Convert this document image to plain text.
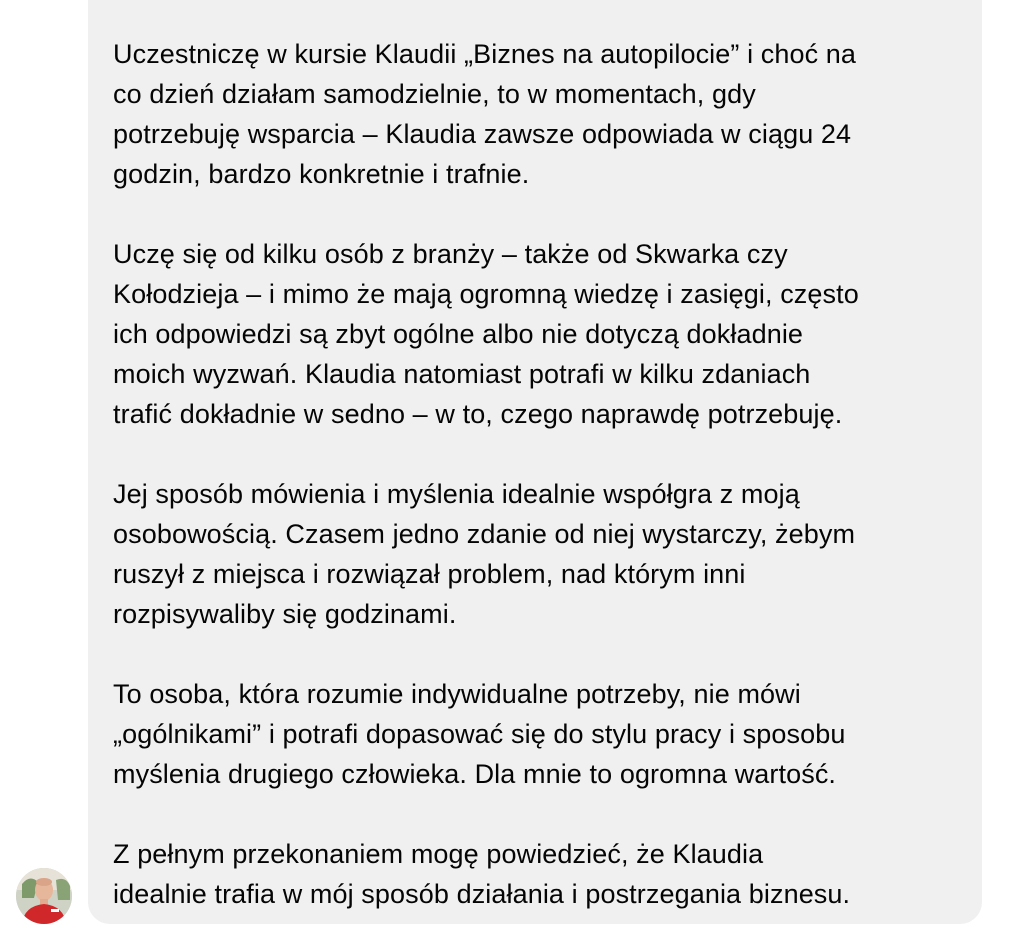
Uczestniczę w kursie Klaudii „Biznes na autopilocie” i choć na
co dzień działam samodzielnie, to w momentach, gdy
potrzebuję wsparcia – Klaudia zawsze odpowiada w ciągu 24
godzin, bardzo konkretnie i trafnie.

Uczę się od kilku osób z branży – także od Skwarka czy
Kołodzieja – i mimo że mają ogromną wiedzę i zasięgi, często
ich odpowiedzi są zbyt ogólne albo nie dotyczą dokładnie
moich wyzwań. Klaudia natomiast potrafi w kilku zdaniach
trafić dokładnie w sedno – w to, czego naprawdę potrzebuję.

Jej sposób mówienia i myślenia idealnie współgra z moją
osobowością. Czasem jedno zdanie od niej wystarczy, żebym
ruszył z miejsca i rozwiązał problem, nad którym inni
rozpisywaliby się godzinami.

To osoba, która rozumie indywidualne potrzeby, nie mówi
„ogólnikami” i potrafi dopasować się do stylu pracy i sposobu
myślenia drugiego człowieka. Dla mnie to ogromna wartość.

Z pełnym przekonaniem mogę powiedzieć, że Klaudia
idealnie trafia w mój sposób działania i postrzegania biznesu.
